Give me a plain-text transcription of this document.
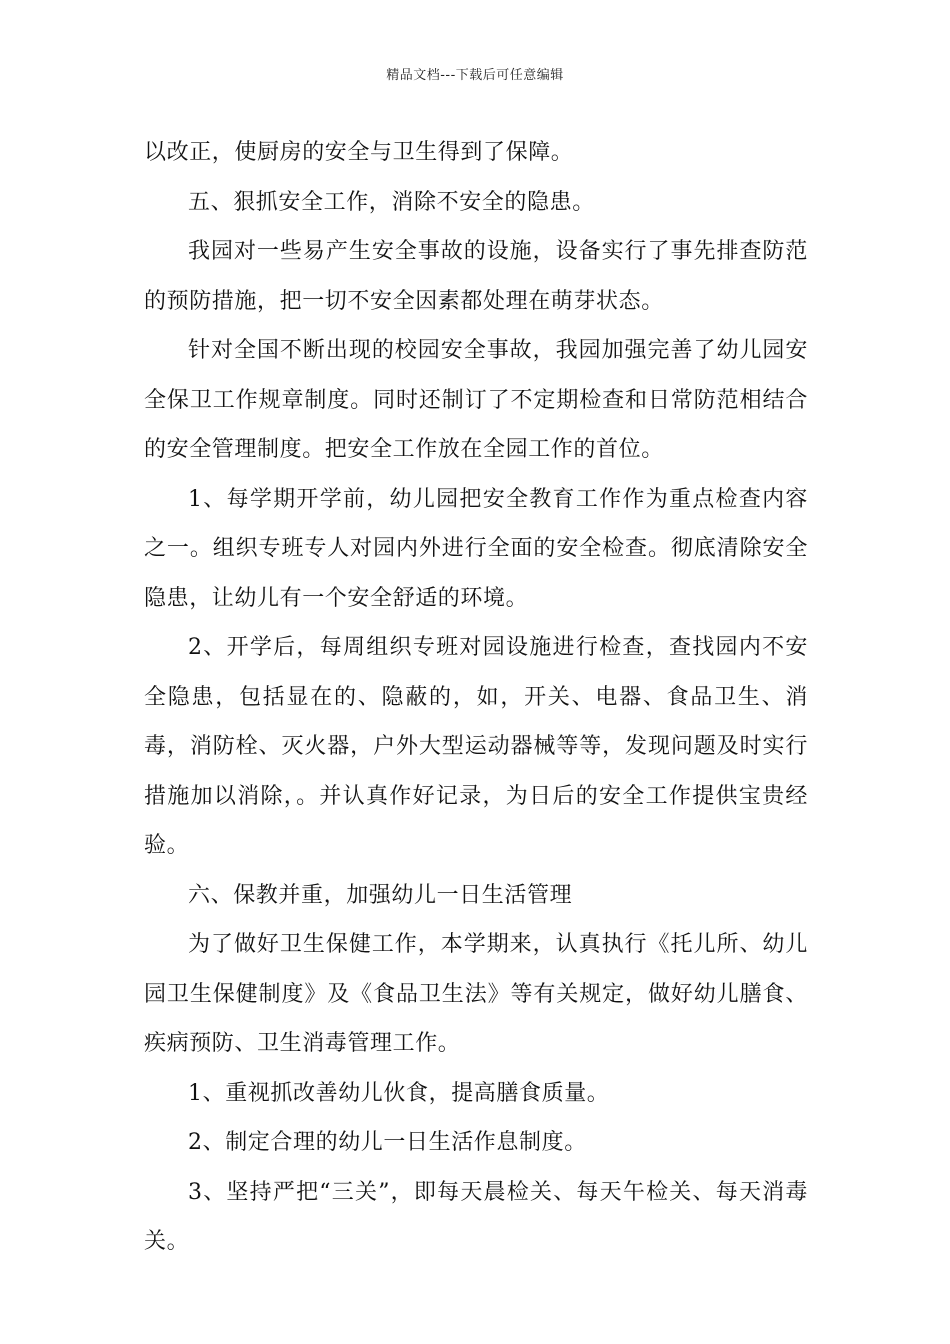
精品文档---下载后可任意编辑

以改正，使厨房的安全与卫生得到了保障。

五、狠抓安全工作，消除不安全的隐患。

我园对一些易产生安全事故的设施，设备实行了事先排查防范的预防措施，把一切不安全因素都处理在萌芽状态。

针对全国不断出现的校园安全事故，我园加强完善了幼儿园安全保卫工作规章制度。同时还制订了不定期检查和日常防范相结合的安全管理制度。把安全工作放在全园工作的首位。

1、每学期开学前，幼儿园把安全教育工作作为重点检查内容之一。组织专班专人对园内外进行全面的安全检查。彻底清除安全隐患，让幼儿有一个安全舒适的环境。

2、开学后，每周组织专班对园设施进行检查，查找园内不安全隐患，包括显在的、隐蔽的，如，开关、电器、食品卫生、消毒，消防栓、灭火器，户外大型运动器械等等，发现问题及时实行措施加以消除，。并认真作好记录，为日后的安全工作提供宝贵经验。

六、保教并重，加强幼儿一日生活管理

为了做好卫生保健工作，本学期来，认真执行《托儿所、幼儿园卫生保健制度》及《食品卫生法》等有关规定，做好幼儿膳食、疾病预防、卫生消毒管理工作。

1、重视抓改善幼儿伙食，提高膳食质量。

2、制定合理的幼儿一日生活作息制度。

3、坚持严把“三关”，即每天晨检关、每天午检关、每天消毒关。
